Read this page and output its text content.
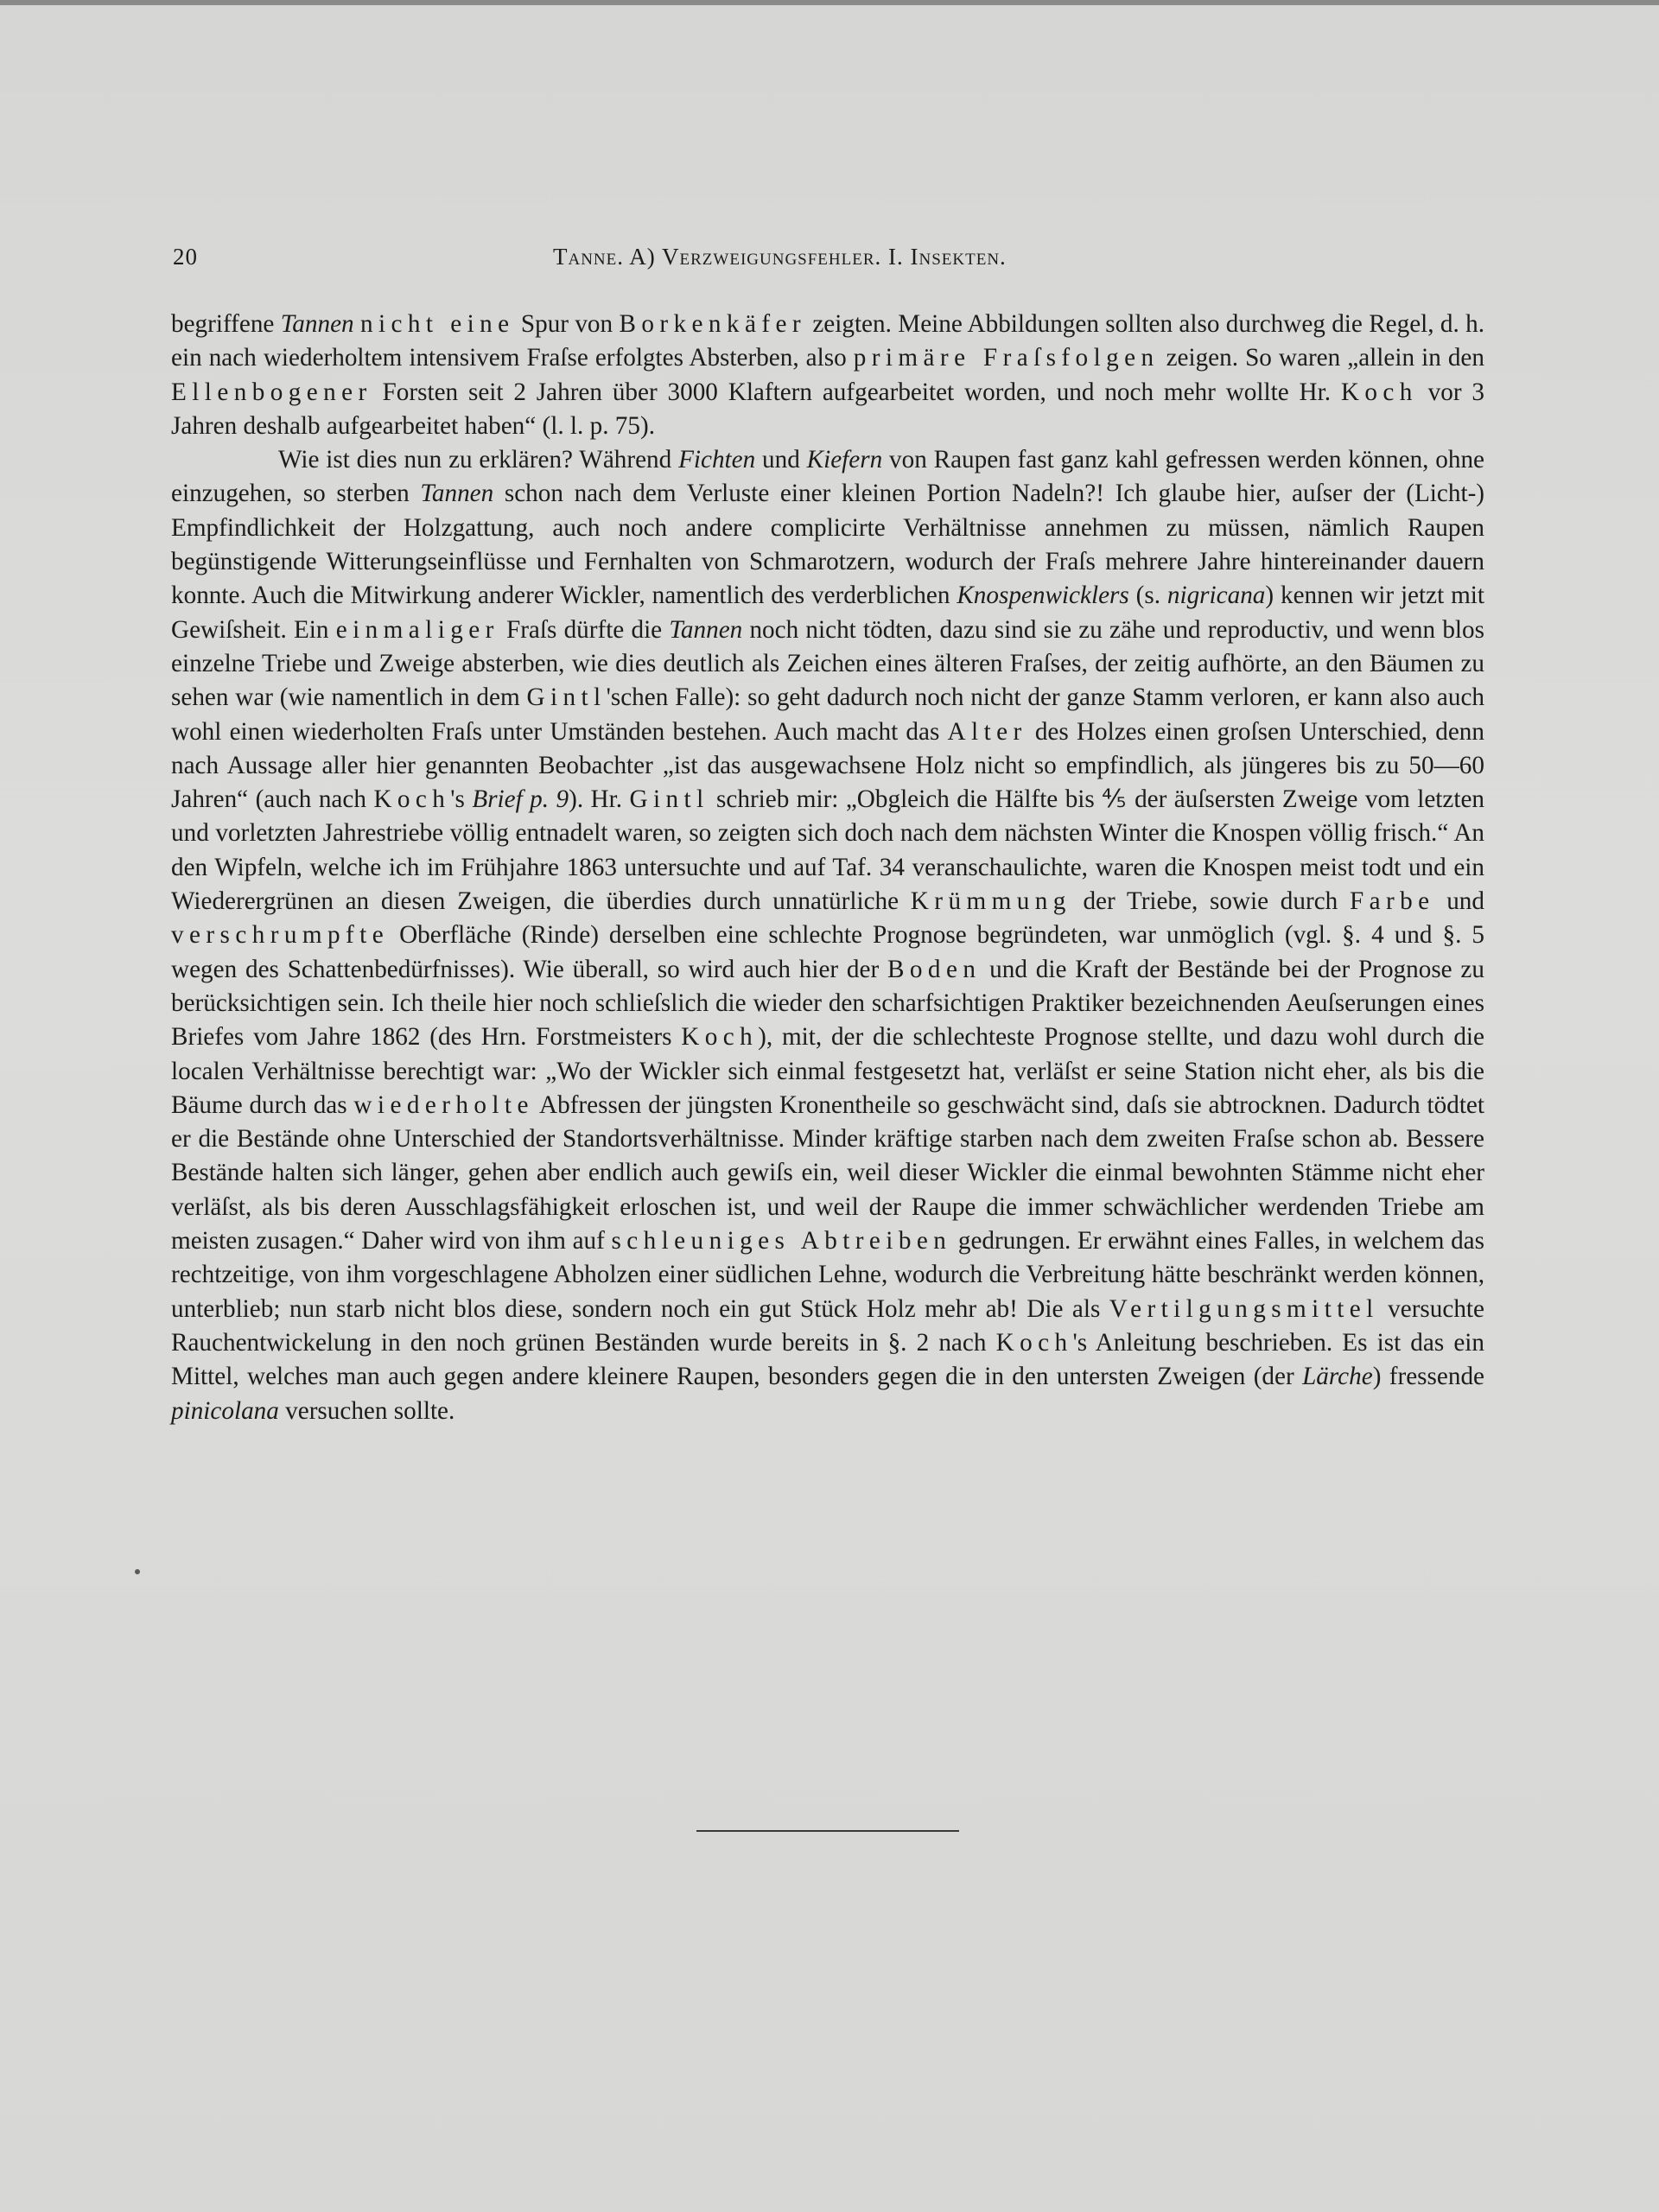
20	Tanne. A) Verzweigungsfehler. I. Insekten.

begriffene Tannen nicht eine Spur von Borkenkäfer zeigten. Meine Abbildungen sollten also durchweg die Regel, d. h. ein nach wiederholtem intensivem Fraſse erfolgtes Absterben, also primäre Fraſsfolgen zeigen. So waren „allein in den Ellenbogener Forsten seit 2 Jahren über 3000 Klaftern aufgearbeitet worden, und noch mehr wollte Hr. Koch vor 3 Jahren deshalb aufgearbeitet haben“ (l. l. p. 75).

Wie ist dies nun zu erklären? Während Fichten und Kiefern von Raupen fast ganz kahl gefressen werden können, ohne einzugehen, so sterben Tannen schon nach dem Verluste einer kleinen Portion Nadeln?! Ich glaube hier, auſser der (Licht-) Empfindlichkeit der Holzgattung, auch noch andere complicirte Verhältnisse annehmen zu müssen, nämlich Raupen begünstigende Witterungseinflüsse und Fernhalten von Schmarotzern, wodurch der Fraſs mehrere Jahre hintereinander dauern konnte. Auch die Mitwirkung anderer Wickler, namentlich des verderblichen Knospenwicklers (s. nigricana) kennen wir jetzt mit Gewiſsheit. Ein einmaliger Fraſs dürfte die Tannen noch nicht tödten, dazu sind sie zu zähe und reproductiv, und wenn blos einzelne Triebe und Zweige absterben, wie dies deutlich als Zeichen eines älteren Fraſses, der zeitig aufhörte, an den Bäumen zu sehen war (wie namentlich in dem Gintl'schen Falle): so geht dadurch noch nicht der ganze Stamm verloren, er kann also auch wohl einen wiederholten Fraſs unter Umständen bestehen. Auch macht das Alter des Holzes einen groſsen Unterschied, denn nach Aussage aller hier genannten Beobachter „ist das ausgewachsene Holz nicht so empfindlich, als jüngeres bis zu 50—60 Jahren“ (auch nach Koch's Brief p. 9). Hr. Gintl schrieb mir: „Obgleich die Hälfte bis ⅘ der äuſsersten Zweige vom letzten und vorletzten Jahrestriebe völlig entnadelt waren, so zeigten sich doch nach dem nächsten Winter die Knospen völlig frisch.“ An den Wipfeln, welche ich im Frühjahre 1863 untersuchte und auf Taf. 34 veranschaulichte, waren die Knospen meist todt und ein Wiederergrünen an diesen Zweigen, die überdies durch unnatürliche Krümmung der Triebe, sowie durch Farbe und verschrumpfte Oberfläche (Rinde) derselben eine schlechte Prognose begründeten, war unmöglich (vgl. §. 4 und §. 5 wegen des Schattenbedürfnisses). Wie überall, so wird auch hier der Boden und die Kraft der Bestände bei der Prognose zu berücksichtigen sein. Ich theile hier noch schlieſslich die wieder den scharfsichtigen Praktiker bezeichnenden Aeuſserungen eines Briefes vom Jahre 1862 (des Hrn. Forstmeisters Koch), mit, der die schlechteste Prognose stellte, und dazu wohl durch die localen Verhältnisse berechtigt war: „Wo der Wickler sich einmal festgesetzt hat, verläſst er seine Station nicht eher, als bis die Bäume durch das wiederholte Abfressen der jüngsten Kronentheile so geschwächt sind, daſs sie abtrocknen. Dadurch tödtet er die Bestände ohne Unterschied der Standortsverhältnisse. Minder kräftige starben nach dem zweiten Fraſse schon ab. Bessere Bestände halten sich länger, gehen aber endlich auch gewiſs ein, weil dieser Wickler die einmal bewohnten Stämme nicht eher verläſst, als bis deren Ausschlagsfähigkeit erloschen ist, und weil der Raupe die immer schwächlicher werdenden Triebe am meisten zusagen.“ Daher wird von ihm auf schleuniges Abtreiben gedrungen. Er erwähnt eines Falles, in welchem das rechtzeitige, von ihm vorgeschlagene Abholzen einer südlichen Lehne, wodurch die Verbreitung hätte beschränkt werden können, unterblieb; nun starb nicht blos diese, sondern noch ein gut Stück Holz mehr ab! Die als Vertilgungsmittel versuchte Rauchentwickelung in den noch grünen Beständen wurde bereits in §. 2 nach Koch's Anleitung beschrieben. Es ist das ein Mittel, welches man auch gegen andere kleinere Raupen, besonders gegen die in den untersten Zweigen (der Lärche) fressende pinicolana versuchen sollte.
